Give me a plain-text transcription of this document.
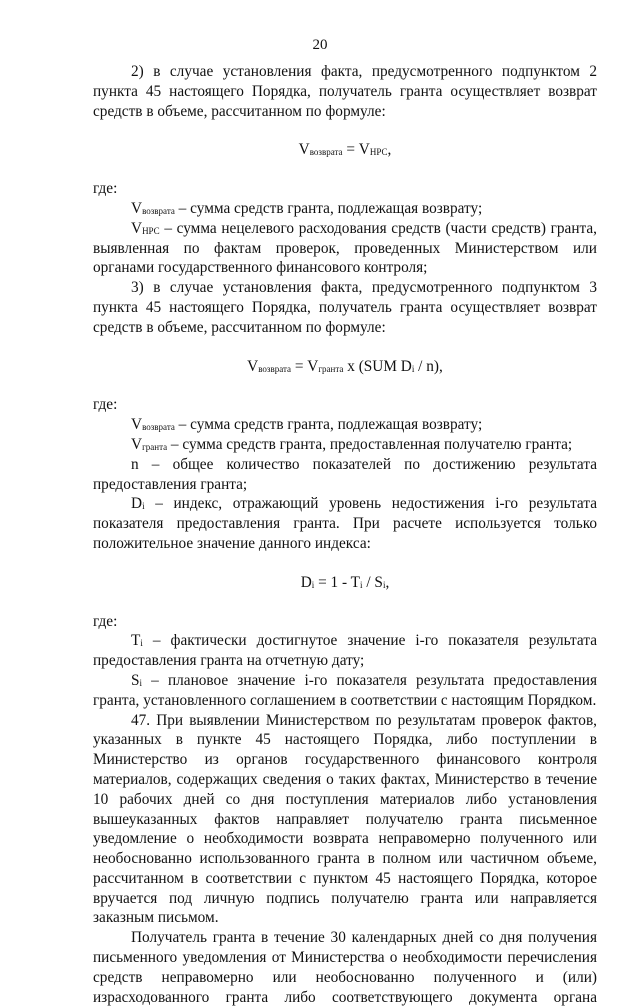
20

2) в случае установления факта, предусмотренного подпунктом 2 пункта 45 настоящего Порядка, получатель гранта осуществляет возврат средств в объеме, рассчитанном по формуле:

$V_{возврата} = V_{НРС}$,

где:

$V_{возврата}$ – сумма средств гранта, подлежащая возврату;

$V_{НРС}$ – сумма нецелевого расходования средств (части средств) гранта, выявленная по фактам проверок, проведенных Министерством или органами государственного финансового контроля;

3) в случае установления факта, предусмотренного подпунктом 3 пункта 45 настоящего Порядка, получатель гранта осуществляет возврат средств в объеме, рассчитанном по формуле:

$V_{возврата} = V_{гранта}$ x (SUM $D_i / n$),

где:

$V_{возврата}$ – сумма средств гранта, подлежащая возврату;

$V_{гранта}$ – сумма средств гранта, предоставленная получателю гранта;

n – общее количество показателей по достижению результата предоставления гранта;

$D_i$ – индекс, отражающий уровень недостижения i-го результата показателя предоставления гранта. При расчете используется только положительное значение данного индекса:

$D_i = 1 - T_i / S_i$,

где:

$T_i$ – фактически достигнутое значение i-го показателя результата предоставления гранта на отчетную дату;

$S_i$ – плановое значение i-го показателя результата предоставления гранта, установленного соглашением в соответствии с настоящим Порядком.

47. При выявлении Министерством по результатам проверок фактов, указанных в пункте 45 настоящего Порядка, либо поступлении в Министерство из органов государственного финансового контроля материалов, содержащих сведения о таких фактах, Министерство в течение 10 рабочих дней со дня поступления материалов либо установления вышеуказанных фактов направляет получателю гранта письменное уведомление о необходимости возврата неправомерно полученного или необоснованно использованного гранта в полном или частичном объеме, рассчитанном в соответствии с пунктом 45 настоящего Порядка, которое вручается под личную подпись получателю гранта или направляется заказным письмом.

Получатель гранта в течение 30 календарных дней со дня получения письменного уведомления от Министерства о необходимости перечисления средств неправомерно или необоснованно полученного и (или) израсходованного гранта либо соответствующего документа органа
